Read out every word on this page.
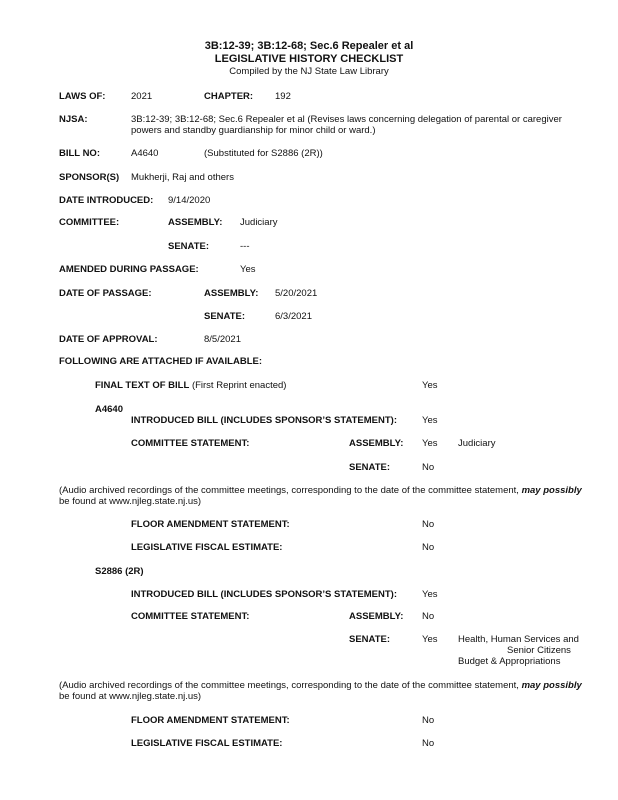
3B:12-39; 3B:12-68; Sec.6 Repealer et al
LEGISLATIVE HISTORY CHECKLIST
Compiled by the NJ State Law Library
LAWS OF:	2021	CHAPTER: 192
NJSA:	3B:12-39; 3B:12-68; Sec.6 Repealer et al (Revises laws concerning delegation of parental or caregiver
powers and standby guardianship for minor child or ward.)
BILL NO:	A4640	(Substituted for S2886 (2R))
SPONSOR(S) Mukherji, Raj and others
DATE INTRODUCED: 9/14/2020
COMMITTEE:	ASSEMBLY: Judiciary
SENATE:	---
AMENDED DURING PASSAGE:	Yes
DATE OF PASSAGE:	ASSEMBLY: 5/20/2021
SENATE:	6/3/2021
DATE OF APPROVAL:	8/5/2021
FOLLOWING ARE ATTACHED IF AVAILABLE:
FINAL TEXT OF BILL (First Reprint enacted)	Yes
A4640
INTRODUCED BILL (INCLUDES SPONSOR’S STATEMENT):	Yes
COMMITTEE STATEMENT:	ASSEMBLY: Yes Judiciary
SENATE:	No
(Audio archived recordings of the committee meetings, corresponding to the date of the committee statement, may possibly
be found at www.njleg.state.nj.us)
FLOOR AMENDMENT STATEMENT:	No
LEGISLATIVE FISCAL ESTIMATE:	No
S2886 (2R)
INTRODUCED BILL (INCLUDES SPONSOR’S STATEMENT):	Yes
COMMITTEE STATEMENT:	ASSEMBLY: No
SENATE:	Yes Health, Human Services and
Senior Citizens
Budget & Appropriations
(Audio archived recordings of the committee meetings, corresponding to the date of the committee statement, may possibly
be found at www.njleg.state.nj.us)
FLOOR AMENDMENT STATEMENT:	No
LEGISLATIVE FISCAL ESTIMATE:	No
